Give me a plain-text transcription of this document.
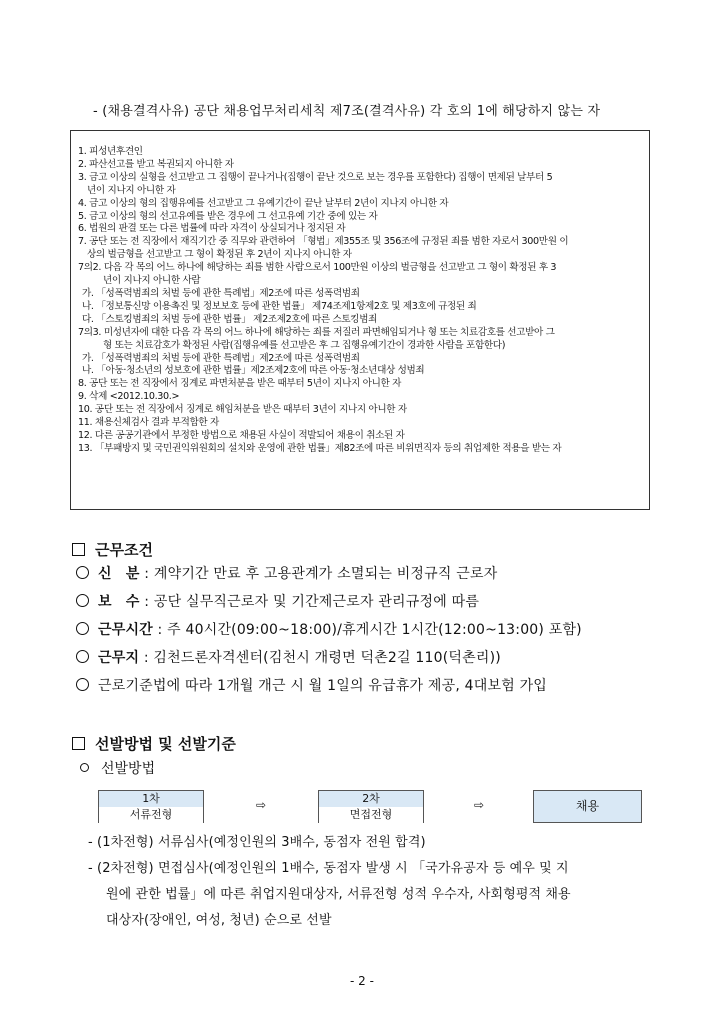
- (채용결격사유) 공단 채용업무처리세칙 제7조(결격사유) 각 호의 1에 해당하지 않는 자
1. 피성년후견인
2. 파산선고를 받고 복권되지 아니한 자
3. 금고 이상의 실형을 선고받고 그 집행이 끝나거나(집행이 끝난 것으로 보는 경우를 포함한다) 집행이 면제된 날부터 5
년이 지나지 아니한 자
4. 금고 이상의 형의 집행유예를 선고받고 그 유예기간이 끝난 날부터 2년이 지나지 아니한 자
5. 금고 이상의 형의 선고유예를 받은 경우에 그 선고유예 기간 중에 있는 자
6. 법원의 판결 또는 다른 법률에 따라 자격이 상실되거나 정지된 자
7. 공단 또는 전 직장에서 재직기간 중 직무와 관련하여 「형법」제355조 및 356조에 규정된 죄를 범한 자로서 300만원 이
상의 벌금형을 선고받고 그 형이 확정된 후 2년이 지나지 아니한 자
7의2. 다음 각 목의 어느 하나에 해당하는 죄를 범한 사람으로서 100만원 이상의 벌금형을 선고받고 그 형이 확정된 후 3
년이 지나지 아니한 사람
가. 「성폭력범죄의 처벌 등에 관한 특례법」제2조에 따른 성폭력범죄
나. 「정보통신망 이용촉진 및 정보보호 등에 관한 법률」 제74조제1항제2호 및 제3호에 규정된 죄
다. 「스토킹범죄의 처벌 등에 관한 법률」 제2조제2호에 따른 스토킹범죄
7의3. 미성년자에 대한 다음 각 목의 어느 하나에 해당하는 죄를 저질러 파면해임되거나 형 또는 치료감호를 선고받아 그
형 또는 치료감호가 확정된 사람(집행유예를 선고받은 후 그 집행유예기간이 경과한 사람을 포함한다)
가. 「성폭력범죄의 처벌 등에 관한 특례법」제2조에 따른 성폭력범죄
나. 「아동·청소년의 성보호에 관한 법률」제2조제2호에 따른 아동·청소년대상 성범죄
8. 공단 또는 전 직장에서 징계로 파면처분을 받은 때부터 5년이 지나지 아니한 자
9. 삭제 <2012.10.30.>
10. 공단 또는 전 직장에서 징계로 해임처분을 받은 때부터 3년이 지나지 아니한 자
11. 채용신체검사 결과 부적합한 자
12. 다른 공공기관에서 부정한 방법으로 채용된 사실이 적발되어 채용이 취소된 자
13. 「부패방지 및 국민권익위원회의 설치와 운영에 관한 법률」제82조에 따른 비위면직자 등의 취업제한 적용을 받는 자
근무조건
신　분 : 계약기간 만료 후 고용관계가 소멸되는 비정규직 근로자
보　수 : 공단 실무직근로자 및 기간제근로자 관리규정에 따름
근무시간 : 주 40시간(09:00~18:00)/휴게시간 1시간(12:00~13:00) 포함)
근무지 : 김천드론자격센터(김천시 개령면 덕촌2길 110(덕촌리))
근로기준법에 따라 1개월 개근 시 월 1일의 유급휴가 제공, 4대보험 가입
선발방법 및 선발기준
선발방법
1차
서류전형
⇨	2차
면접전형
⇨	채용
- (1차전형) 서류심사(예정인원의 3배수, 동점자 전원 합격)
- (2차전형) 면접심사(예정인원의 1배수, 동점자 발생 시 「국가유공자 등 예우 및 지
원에 관한 법률」에 따른 취업지원대상자, 서류전형 성적 우수자, 사회형평적 채용
대상자(장애인, 여성, 청년) 순으로 선발
- 2 -
